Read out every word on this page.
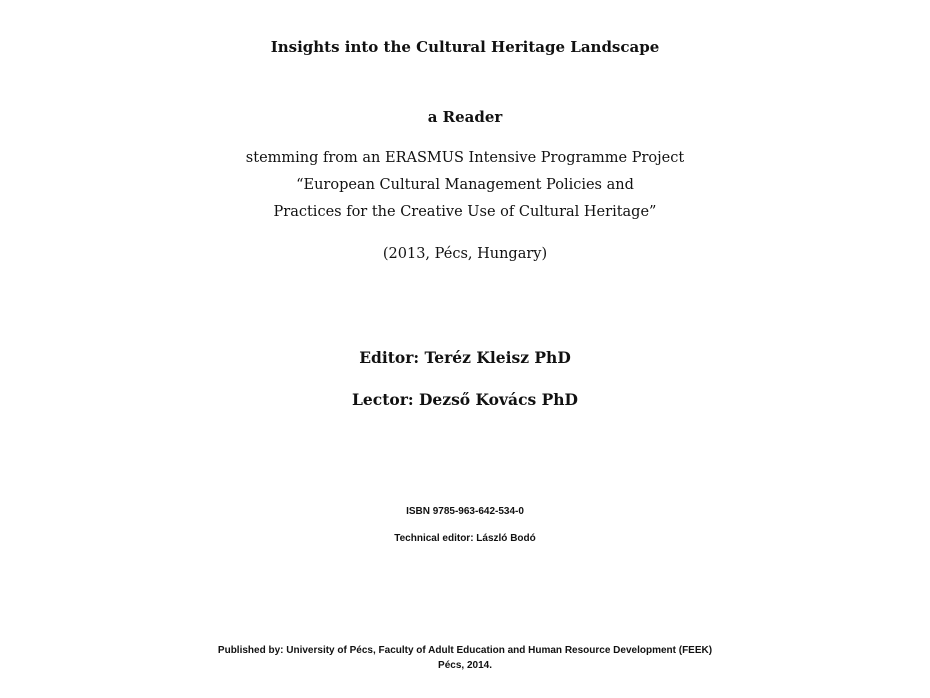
Insights into the Cultural Heritage Landscape

a Reader

stemming from an ERASMUS Intensive Programme Project

“European Cultural Management Policies and

Practices for the Creative Use of Cultural Heritage”

(2013, Pécs, Hungary)

Editor: Teréz Kleisz PhD

Lector: Dezső Kovács PhD

ISBN 9785-963-642-534-0

Technical editor: László Bodó

Published by: University of Pécs, Faculty of Adult Education and Human Resource Development (FEEK)

Pécs, 2014.
